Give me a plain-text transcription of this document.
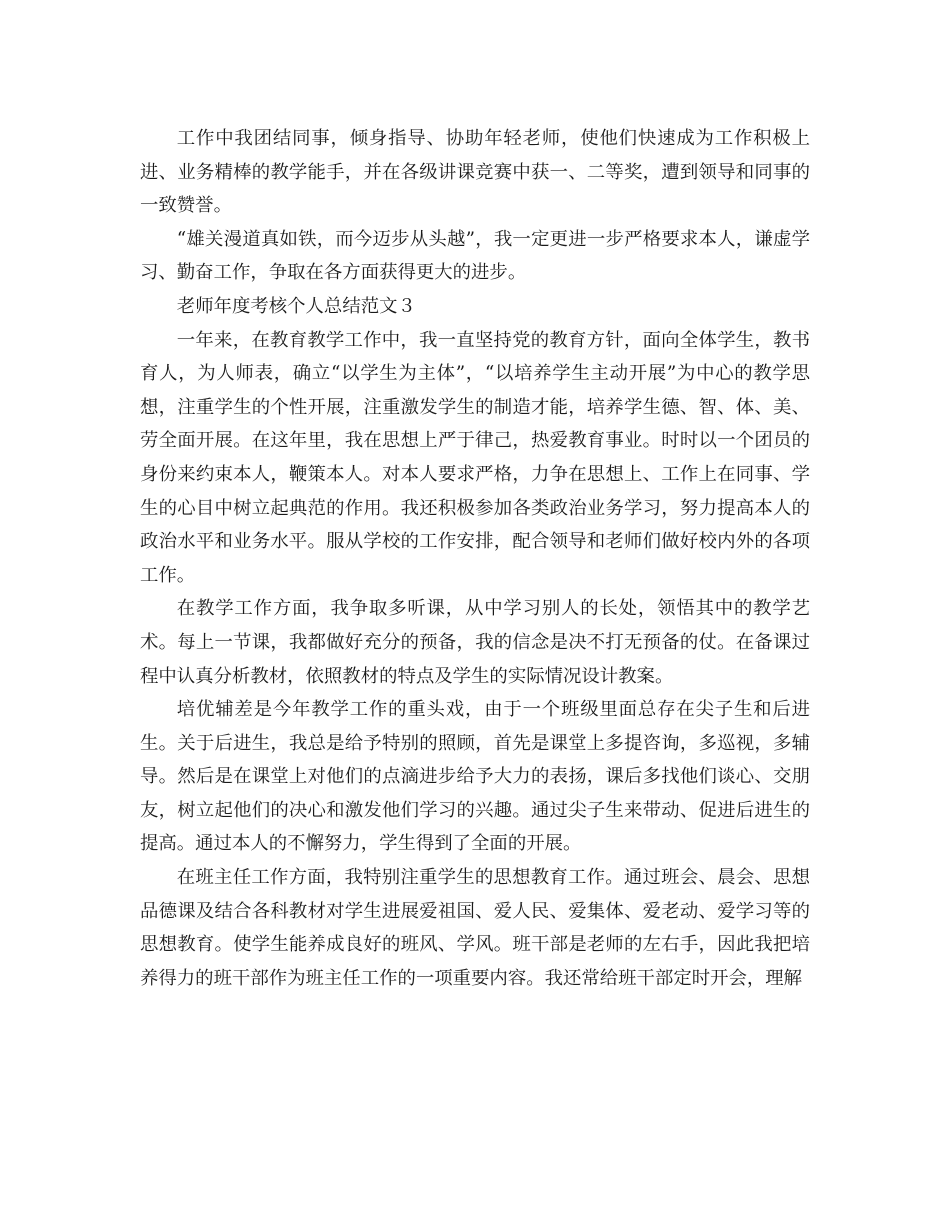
工作中我团结同事，倾身指导、协助年轻老师，使他们快速成为工作积极上进、业务精棒的教学能手，并在各级讲课竞赛中获一、二等奖，遭到领导和同事的一致赞誉。

“雄关漫道真如铁，而今迈步从头越”，我一定更进一步严格要求本人，谦虚学习、勤奋工作，争取在各方面获得更大的进步。

老师年度考核个人总结范文３

一年来，在教育教学工作中，我一直坚持党的教育方针，面向全体学生，教书育人，为人师表，确立“以学生为主体”，“以培养学生主动开展”为中心的教学思想，注重学生的个性开展，注重激发学生的制造才能，培养学生德、智、体、美、劳全面开展。在这年里，我在思想上严于律己，热爱教育事业。时时以一个团员的身份来约束本人，鞭策本人。对本人要求严格，力争在思想上、工作上在同事、学生的心目中树立起典范的作用。我还积极参加各类政治业务学习，努力提高本人的政治水平和业务水平。服从学校的工作安排，配合领导和老师们做好校内外的各项工作。

在教学工作方面，我争取多听课，从中学习别人的长处，领悟其中的教学艺术。每上一节课，我都做好充分的预备，我的信念是决不打无预备的仗。在备课过程中认真分析教材，依照教材的特点及学生的实际情况设计教案。

培优辅差是今年教学工作的重头戏，由于一个班级里面总存在尖子生和后进生。关于后进生，我总是给予特别的照顾，首先是课堂上多提咨询，多巡视，多辅导。然后是在课堂上对他们的点滴进步给予大力的表扬，课后多找他们谈心、交朋友，树立起他们的决心和激发他们学习的兴趣。通过尖子生来带动、促进后进生的提高。通过本人的不懈努力，学生得到了全面的开展。

在班主任工作方面，我特别注重学生的思想教育工作。通过班会、晨会、思想品德课及结合各科教材对学生进展爱祖国、爱人民、爱集体、爱老动、爱学习等的思想教育。使学生能养成良好的班风、学风。班干部是老师的左右手，因此我把培养得力的班干部作为班主任工作的一项重要内容。我还常给班干部定时开会，理解
